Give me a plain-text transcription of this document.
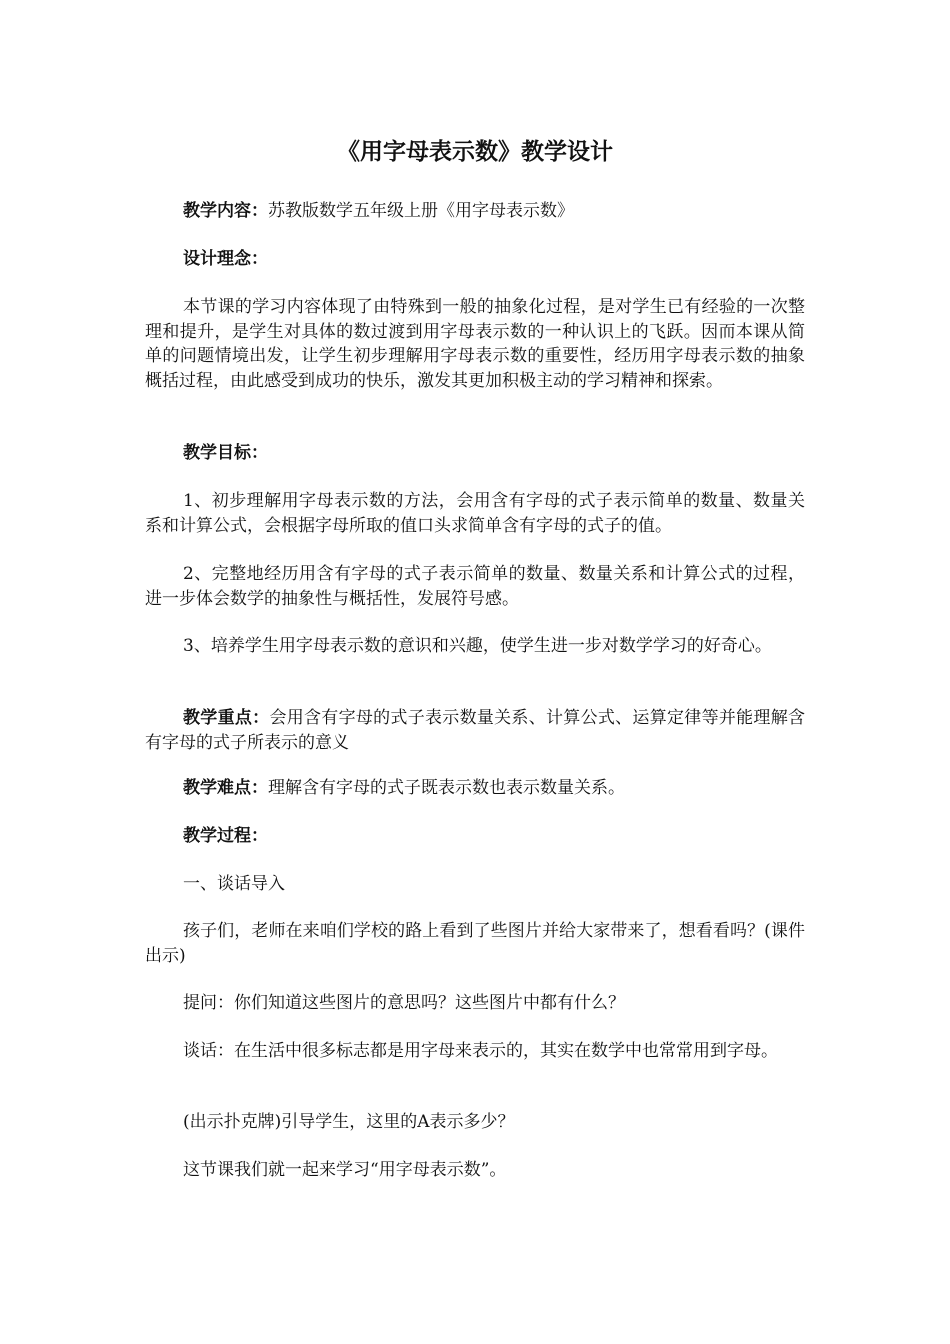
《用字母表示数》教学设计

教学内容：苏教版数学五年级上册《用字母表示数》

设计理念：

本节课的学习内容体现了由特殊到一般的抽象化过程，是对学生已有经验的一次整理和提升，是学生对具体的数过渡到用字母表示数的一种认识上的飞跃。因而本课从简单的问题情境出发，让学生初步理解用字母表示数的重要性，经历用字母表示数的抽象概括过程，由此感受到成功的快乐，激发其更加积极主动的学习精神和探索。

教学目标：

1、初步理解用字母表示数的方法，会用含有字母的式子表示简单的数量、数量关系和计算公式，会根据字母所取的值口头求简单含有字母的式子的值。

2、完整地经历用含有字母的式子表示简单的数量、数量关系和计算公式的过程，进一步体会数学的抽象性与概括性，发展符号感。

3、培养学生用字母表示数的意识和兴趣，使学生进一步对数学学习的好奇心。

教学重点：会用含有字母的式子表示数量关系、计算公式、运算定律等并能理解含有字母的式子所表示的意义

教学难点：理解含有字母的式子既表示数也表示数量关系。

教学过程：

一、谈话导入

孩子们，老师在来咱们学校的路上看到了些图片并给大家带来了，想看看吗？(课件出示)

提问：你们知道这些图片的意思吗？这些图片中都有什么？

谈话：在生活中很多标志都是用字母来表示的，其实在数学中也常常用到字母。

(出示扑克牌)引导学生，这里的A表示多少？

这节课我们就一起来学习“用字母表示数”。
